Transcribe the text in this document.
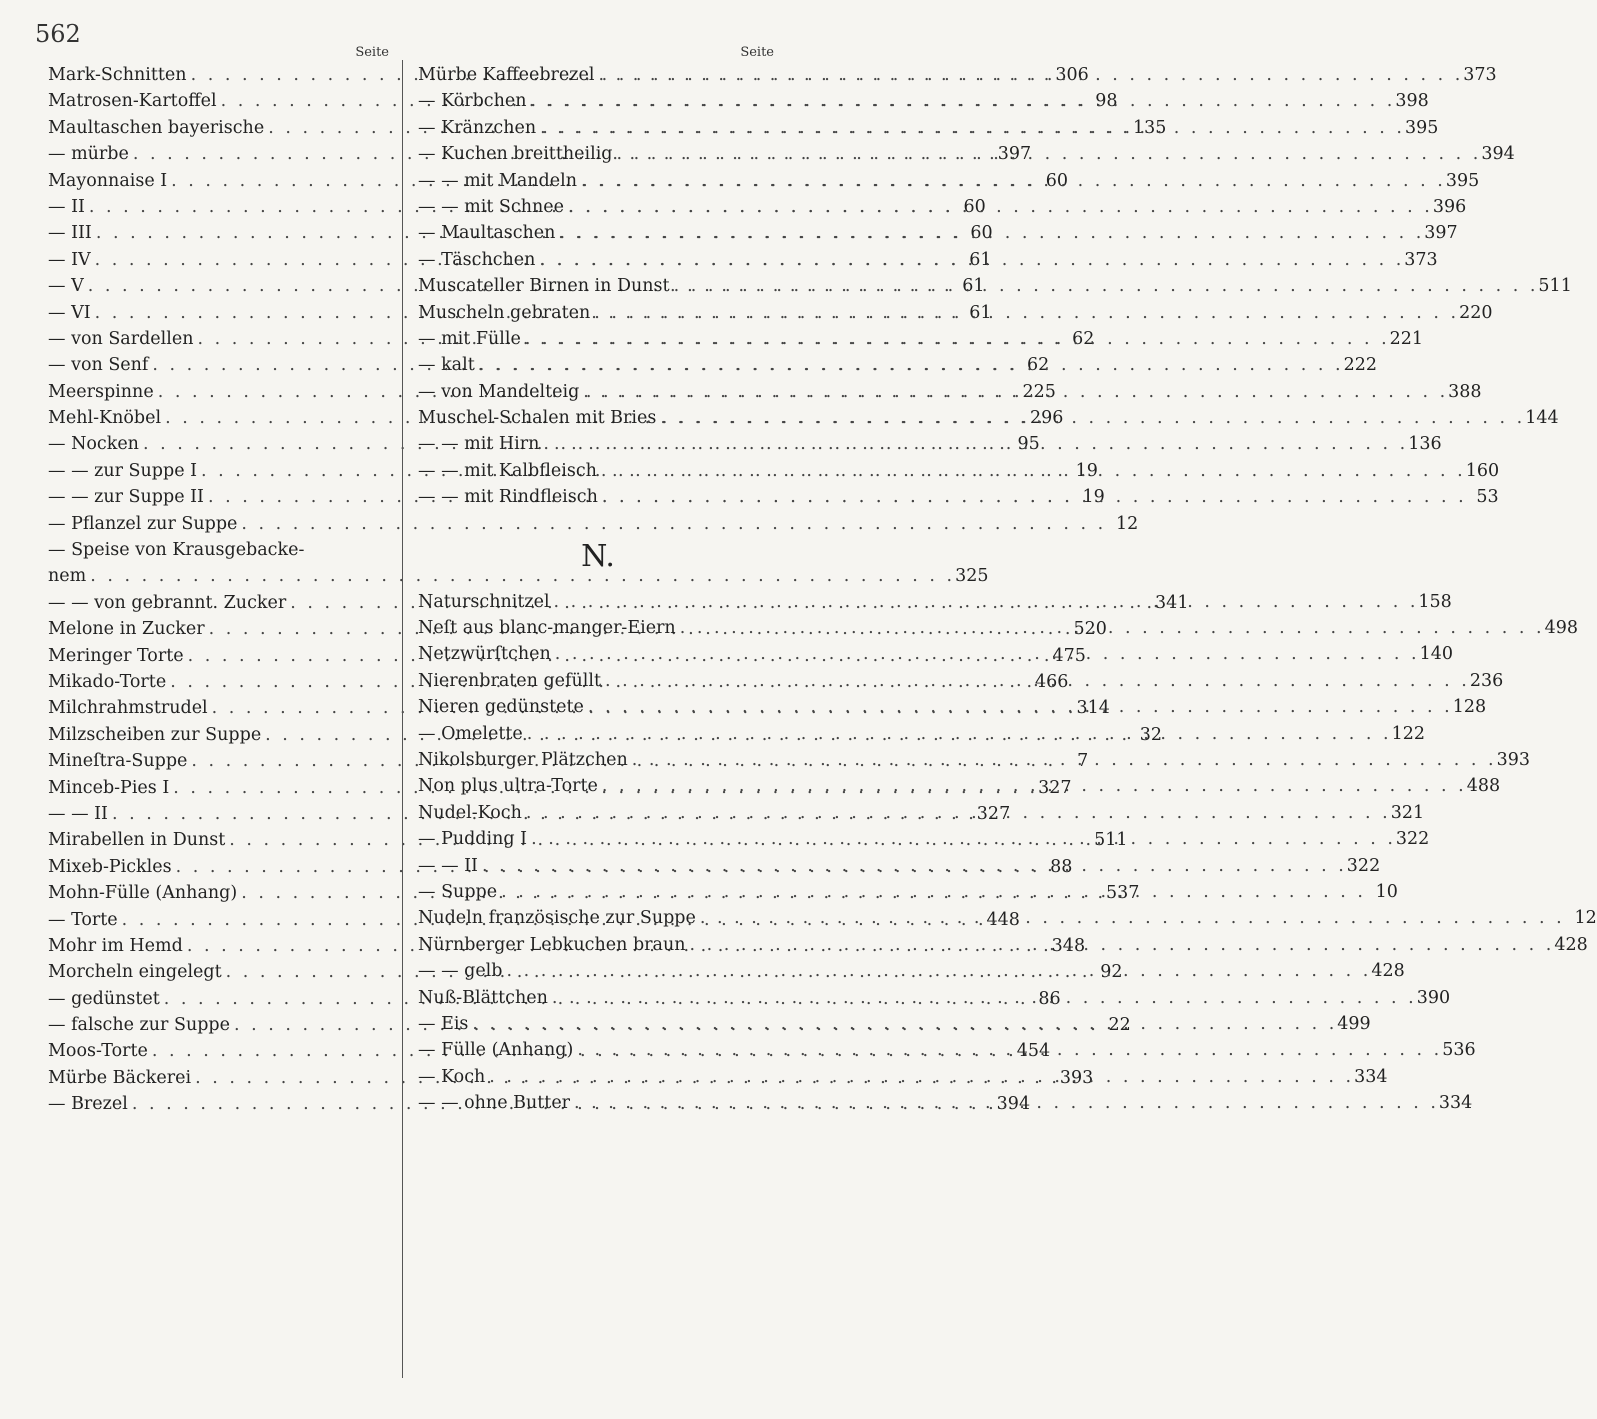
562
Seite
Mark-Schnitten . . .	306
Matrosen-Kartoffel . . .	98
Maultaschen bayerische . . .	135
— mürbe . . .	397
Mayonnaise I . . .	60
— II . . .	60
— III . . .	60
— IV . . .	61
— V . . .	61
— VI . . .	61
— von Sardellen . . .	62
— von Senf . . .	62
Meerspinne . . .	225
Mehl-Knöbel . . .	296
— Nocken . . .	95
— — zur Suppe I . . .	19
— — zur Suppe II . . .	19
— Pflanzel zur Suppe . . .	12
— Speise von Krausgebacke-
nem . . .	325
— — von gebrannt. Zucker . . .	341
Melone in Zucker . . .	520
Meringer Torte . . .	475
Mikado-Torte . . .	466
Milchrahmstrudel . . .	314
Milzscheiben zur Suppe . . .	32
Mineſtra-Suppe . . .	7
Minceb-Pies I . . .	327
— — II . . .	327
Mirabellen in Dunst . . .	511
Mixeb-Pickles . . .	88
Mohn-Fülle (Anhang) . . .	537
— Torte . . .	448
Mohr im Hemd . . .	348
Morcheln eingelegt . . .	92
— gedünstet . . .	86
— falsche zur Suppe . . .	22
Moos-Torte . . .	454
Mürbe Bäckerei . . .	393
— Brezel . . .	394
Seite
Mürbe Kaffeebrezel . . .	373
— Körbchen . . .	398
— Kränzchen . . .	395
— Kuchen breittheilig . . .	394
— — mit Mandeln . . .	395
— — mit Schnee . . .	396
— Maultaschen . . .	397
— Täschchen . . .	373
Muscateller Birnen in Dunst . . .	511
Muscheln gebraten . . .	220
— mit Fülle . . .	221
— kalt . . .	222
— von Mandelteig . . .	388
Muschel-Schalen mit Bries . . .	144
— — mit Hirn . . .	136
— — mit Kalbfleisch . . .	160
— — mit Rindfleisch . . .	53
N.
Naturschnitzel . . .	158
Neſt aus blanc-manger-Eiern . . .	498
Netzwürſtchen . . .	140
Nierenbraten gefüllt . . .	236
Nieren gedünstete . . .	128
— Omelette . . .	122
Nikolsburger Plätzchen . . .	393
Non plus ultra-Torte . . .	488
Nudel-Koch . . .	321
— Pudding I . . .	322
— — II . . .	322
— Suppe . . .	10
Nudeln französische zur Suppe . . .	12
Nürnberger Lebkuchen braun . . .	428
— — gelb . . .	428
Nuß-Blättchen . . .	390
— Eis . . .	499
— Fülle (Anhang) . . .	536
— Koch . . .	334
— — ohne Butter . . .	334
